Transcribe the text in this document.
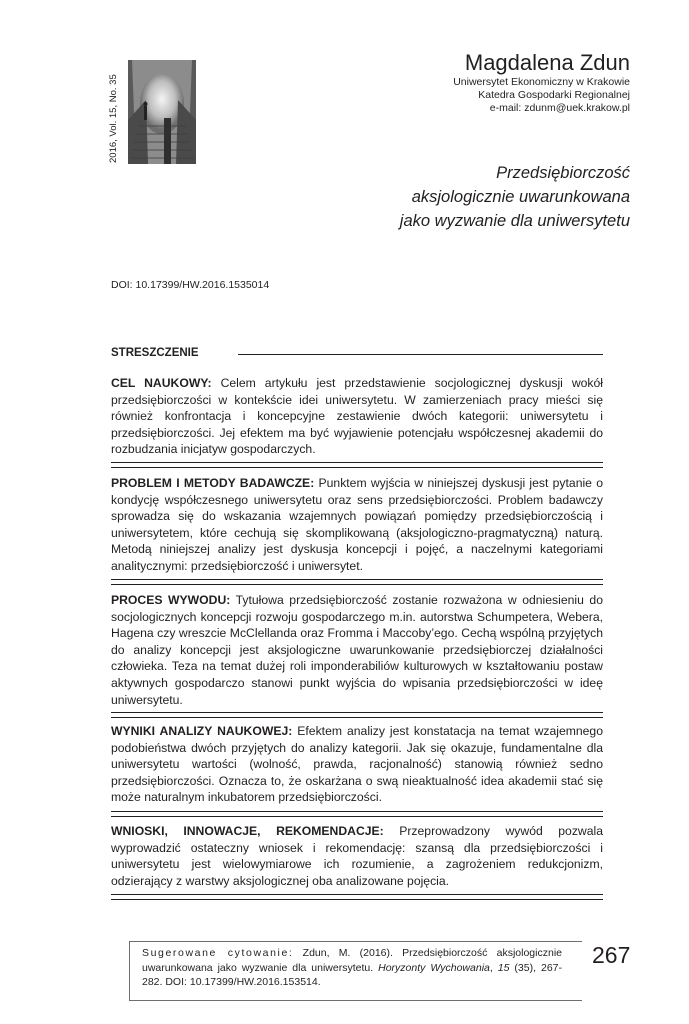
2016, Vol. 15, No. 35

Magdalena Zdun

Uniwersytet Ekonomiczny w Krakowie

Katedra Gospodarki Regionalnej

e-mail: zdunm@uek.krakow.pl

Przedsiębiorczość
aksjologicznie uwarunkowana
jako wyzwanie dla uniwersytetu
DOI: 10.17399/HW.2016.1535014
STRESZCZENIE
CEL NAUKOWY: Celem artykułu jest przedstawienie socjologicznej dyskusji wokół przedsiębiorczości w kontekście idei uniwersytetu. W zamierzeniach pracy mieści się również konfrontacja i koncepcyjne zestawienie dwóch kategorii: uniwersytetu i przedsiębiorczości. Jej efektem ma być wyjawienie potencjału współczesnej akademii do rozbudzania inicjatyw gospodarczych.
PROBLEM I METODY BADAWCZE: Punktem wyjścia w niniejszej dyskusji jest pytanie o kondycję współczesnego uniwersytetu oraz sens przedsiębiorczości. Problem badawczy sprowadza się do wskazania wzajemnych powiązań pomiędzy przedsiębiorczością i uniwersytetem, które cechują się skomplikowaną (aksjologiczno-pragmatyczną) naturą. Metodą niniejszej analizy jest dyskusja koncepcji i pojęć, a naczelnymi kategoriami analitycznymi: przedsiębiorczość i uniwersytet.
PROCES WYWODU: Tytułowa przedsiębiorczość zostanie rozważona w odniesieniu do socjologicznych koncepcji rozwoju gospodarczego m.in. autorstwa Schumpetera, Webera, Hagena czy wreszcie McClellanda oraz Fromma i Maccoby’ego. Cechą wspólną przyjętych do analizy koncepcji jest aksjologiczne uwarunkowanie przedsiębiorczej działalności człowieka. Teza na temat dużej roli imponderabiliów kulturowych w kształtowaniu postaw aktywnych gospodarczo stanowi punkt wyjścia do wpisania przedsiębiorczości w ideę uniwersytetu.
WYNIKI ANALIZY NAUKOWEJ: Efektem analizy jest konstatacja na temat wzajemnego podobieństwa dwóch przyjętych do analizy kategorii. Jak się okazuje, fundamentalne dla uniwersytetu wartości (wolność, prawda, racjonalność) stanowią również sedno przedsiębiorczości. Oznacza to, że oskarżana o swą nieaktualność idea akademii stać się może naturalnym inkubatorem przedsiębiorczości.
WNIOSKI, INNOWACJE, REKOMENDACJE: Przeprowadzony wywód pozwala wyprowadzić ostateczny wniosek i rekomendację: szansą dla przedsiębiorczości i uniwersytetu jest wielowymiarowe ich rozumienie, a zagrożeniem redukcjonizm, odzierający z warstwy aksjologicznej oba analizowane pojęcia.
Sugerowane cytowanie: Zdun, M. (2016). Przedsiębiorczość aksjologicznie uwarunkowana jako wyzwanie dla uniwersytetu. Horyzonty Wychowania, 15 (35), 267-282. DOI: 10.17399/HW.2016.153514.
267
